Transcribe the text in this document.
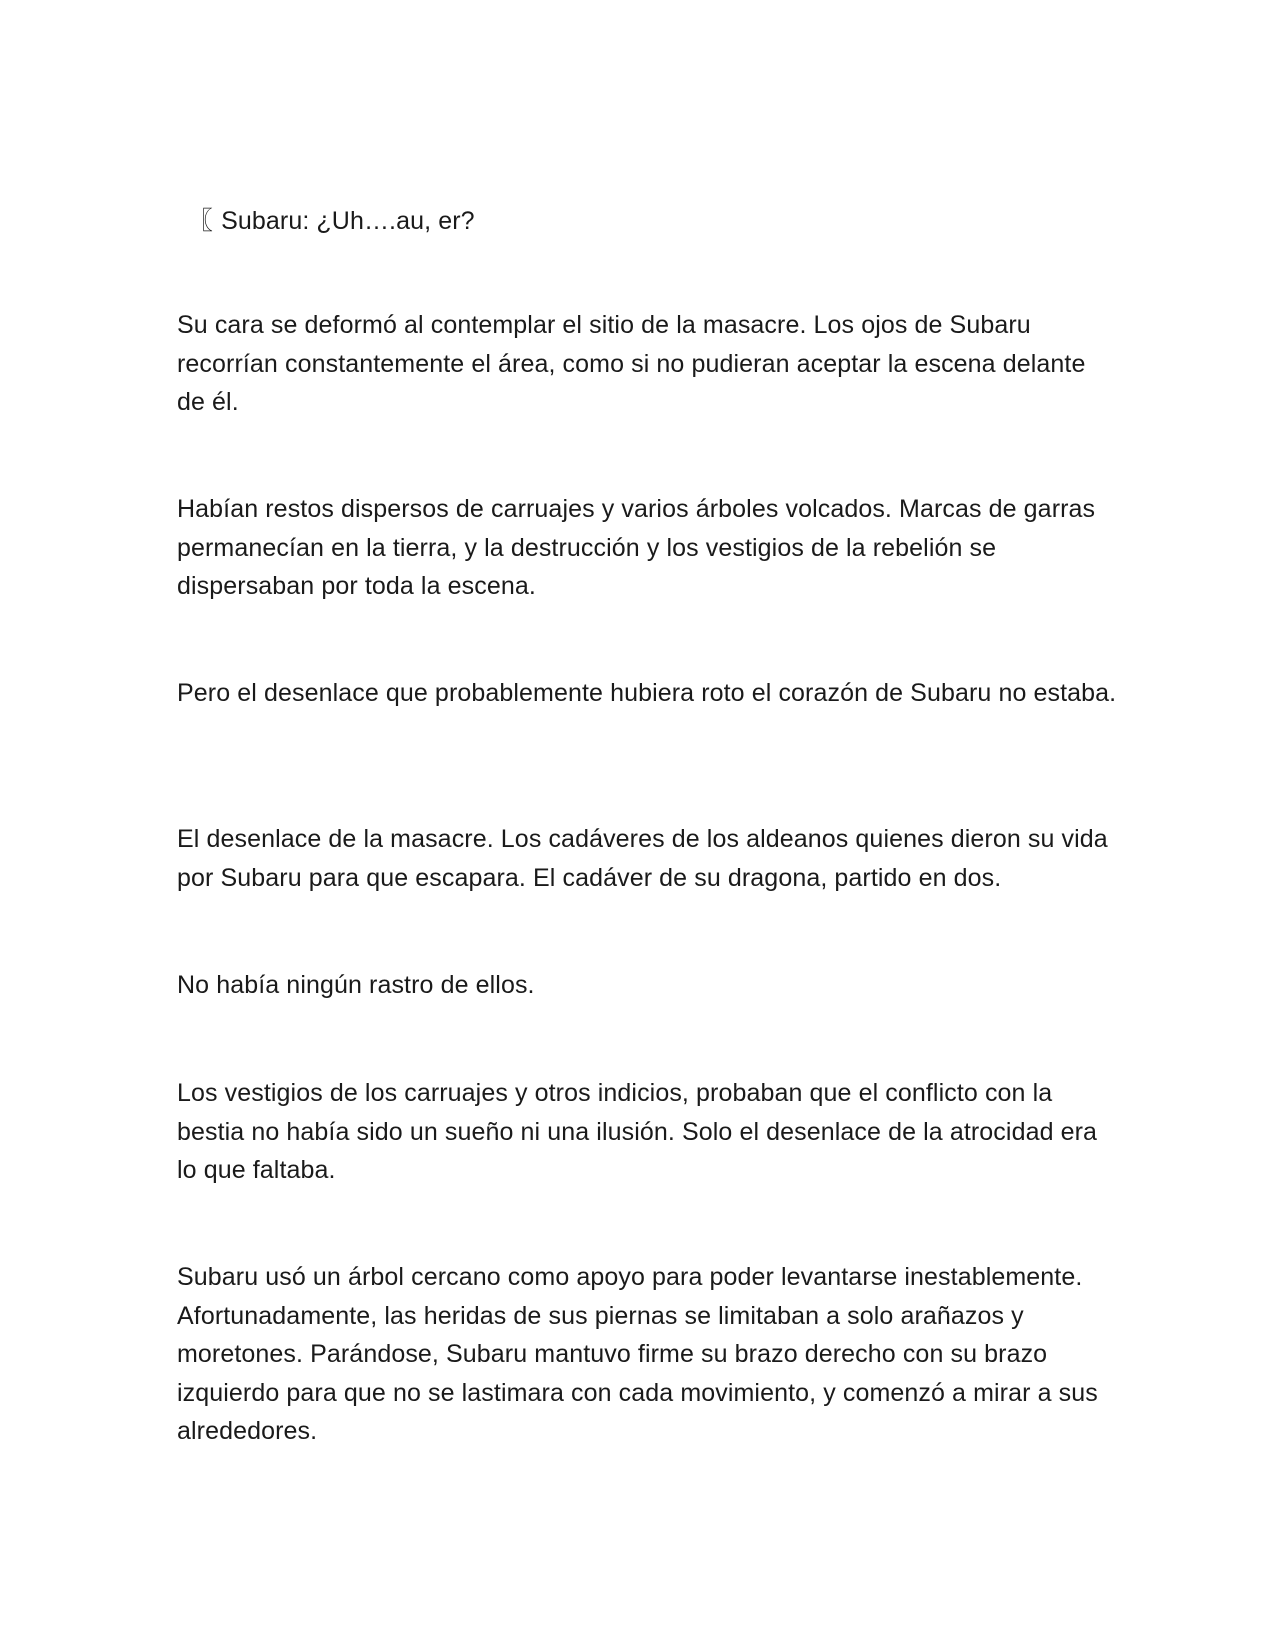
〖 Subaru: ¿Uh….au, er?

Su cara se deformó al contemplar el sitio de la masacre. Los ojos de Subaru recorrían constantemente el área, como si no pudieran aceptar la escena delante de él.

Habían restos dispersos de carruajes y varios árboles volcados. Marcas de garras permanecían en la tierra, y la destrucción y los vestigios de la rebelión se dispersaban por toda la escena.

Pero el desenlace que probablemente hubiera roto el corazón de Subaru no estaba.

El desenlace de la masacre. Los cadáveres de los aldeanos quienes dieron su vida por Subaru para que escapara. El cadáver de su dragona, partido en dos.

No había ningún rastro de ellos.

Los vestigios de los carruajes y otros indicios, probaban que el conflicto con la bestia no había sido un sueño ni una ilusión. Solo el desenlace de la atrocidad era lo que faltaba.

Subaru usó un árbol cercano como apoyo para poder levantarse inestablemente. Afortunadamente, las heridas de sus piernas se limitaban a solo arañazos y moretones. Parándose, Subaru mantuvo firme su brazo derecho con su brazo izquierdo para que no se lastimara con cada movimiento, y comenzó a mirar a sus alrededores.
